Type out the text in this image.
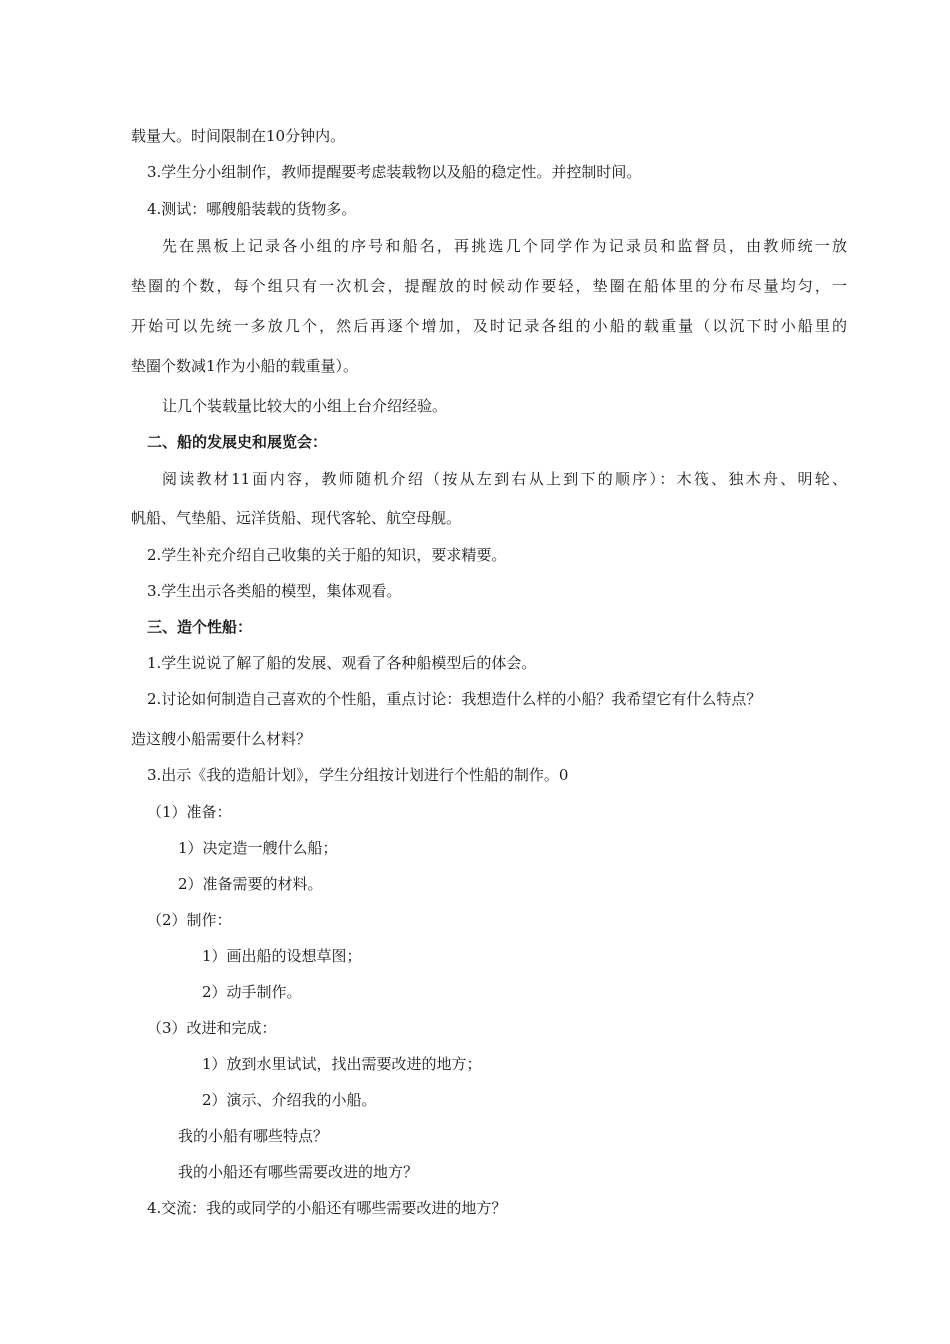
载量大。时间限制在10分钟内。
3.学生分小组制作，教师提醒要考虑装载物以及船的稳定性。并控制时间。
4.测试：哪艘船装载的货物多。
先在黑板上记录各小组的序号和船名，再挑选几个同学作为记录员和监督员，由教师统一放
垫圈的个数，每个组只有一次机会，提醒放的时候动作要轻，垫圈在船体里的分布尽量均匀，一
开始可以先统一多放几个，然后再逐个增加，及时记录各组的小船的载重量（以沉下时小船里的
垫圈个数减1作为小船的载重量）。
让几个装载量比较大的小组上台介绍经验。
二、船的发展史和展览会：
阅读教材11面内容，教师随机介绍（按从左到右从上到下的顺序）：木筏、独木舟、明轮、
帆船、气垫船、远洋货船、现代客轮、航空母舰。
2.学生补充介绍自己收集的关于船的知识，要求精要。
3.学生出示各类船的模型，集体观看。
三、造个性船：
1.学生说说了解了船的发展、观看了各种船模型后的体会。
2.讨论如何制造自己喜欢的个性船，重点讨论：我想造什么样的小船？我希望它有什么特点？
造这艘小船需要什么材料？
3.出示《我的造船计划》，学生分组按计划进行个性船的制作。0
（1）准备：
1）决定造一艘什么船；
2）准备需要的材料。
（2）制作：
1）画出船的设想草图；
2）动手制作。
（3）改进和完成：
1）放到水里试试，找出需要改进的地方；
2）演示、介绍我的小船。
我的小船有哪些特点？
我的小船还有哪些需要改进的地方？
4.交流：我的或同学的小船还有哪些需要改进的地方？
